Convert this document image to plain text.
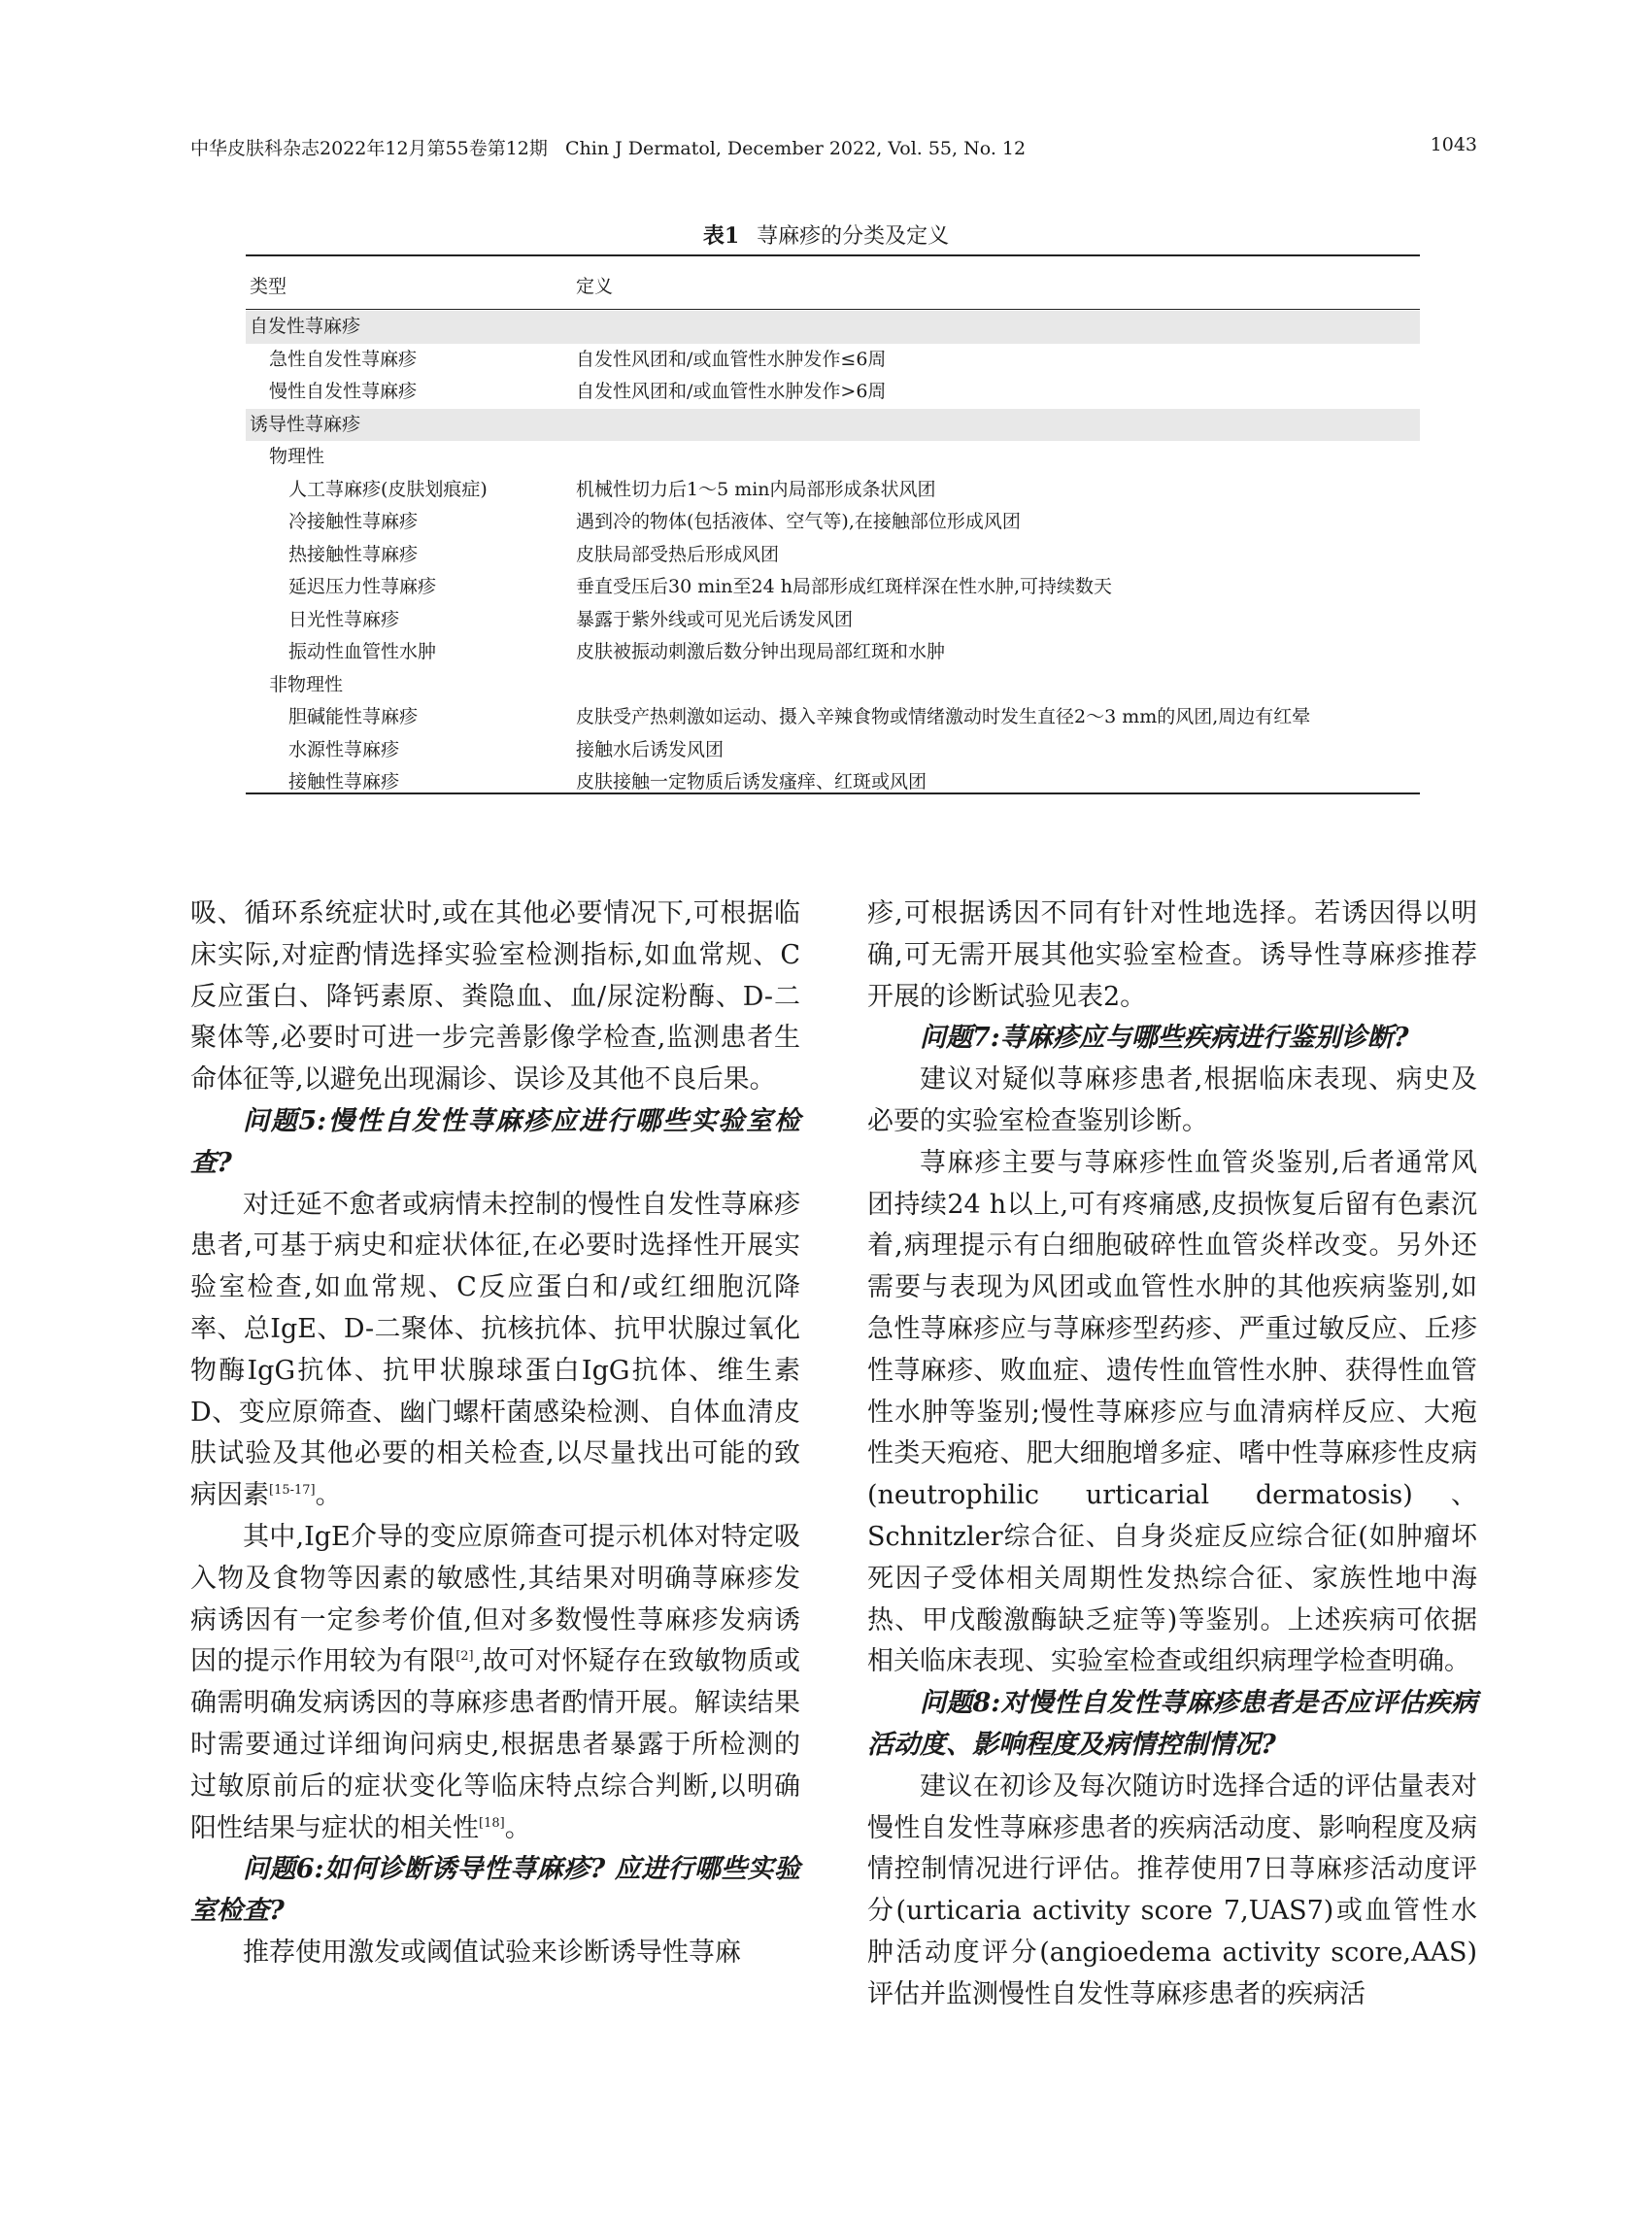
中华皮肤科杂志2022年12月第55卷第12期 Chin J Dermatol, December 2022, Vol. 55, No. 12	1043
表1 荨麻疹的分类及定义
类型	定义
自发性荨麻疹
急性自发性荨麻疹	自发性风团和/或血管性水肿发作≤6周
慢性自发性荨麻疹	自发性风团和/或血管性水肿发作>6周
诱导性荨麻疹
物理性
人工荨麻疹(皮肤划痕症)	机械性切力后1～5 min内局部形成条状风团
冷接触性荨麻疹	遇到冷的物体(包括液体、空气等),在接触部位形成风团
热接触性荨麻疹	皮肤局部受热后形成风团
延迟压力性荨麻疹	垂直受压后30 min至24 h局部形成红斑样深在性水肿,可持续数天
日光性荨麻疹	暴露于紫外线或可见光后诱发风团
振动性血管性水肿	皮肤被振动刺激后数分钟出现局部红斑和水肿
非物理性
胆碱能性荨麻疹	皮肤受产热刺激如运动、摄入辛辣食物或情绪激动时发生直径2～3 mm的风团,周边有红晕
水源性荨麻疹	接触水后诱发风团
接触性荨麻疹	皮肤接触一定物质后诱发瘙痒、红斑或风团

吸、循环系统症状时,或在其他必要情况下,可根据临床实际,对症酌情选择实验室检测指标,如血常规、C反应蛋白、降钙素原、粪隐血、血/尿淀粉酶、D-二聚体等,必要时可进一步完善影像学检查,监测患者生命体征等,以避免出现漏诊、误诊及其他不良后果。

问题5:慢性自发性荨麻疹应进行哪些实验室检查?

对迁延不愈者或病情未控制的慢性自发性荨麻疹患者,可基于病史和症状体征,在必要时选择性开展实验室检查,如血常规、C反应蛋白和/或红细胞沉降率、总IgE、D-二聚体、抗核抗体、抗甲状腺过氧化物酶IgG抗体、抗甲状腺球蛋白IgG抗体、维生素D、变应原筛查、幽门螺杆菌感染检测、自体血清皮肤试验及其他必要的相关检查,以尽量找出可能的致病因素[15-17]。

其中,IgE介导的变应原筛查可提示机体对特定吸入物及食物等因素的敏感性,其结果对明确荨麻疹发病诱因有一定参考价值,但对多数慢性荨麻疹发病诱因的提示作用较为有限[2],故可对怀疑存在致敏物质或确需明确发病诱因的荨麻疹患者酌情开展。解读结果时需要通过详细询问病史,根据患者暴露于所检测的过敏原前后的症状变化等临床特点综合判断,以明确阳性结果与症状的相关性[18]。

问题6:如何诊断诱导性荨麻疹? 应进行哪些实验室检查?

推荐使用激发或阈值试验来诊断诱导性荨麻

疹,可根据诱因不同有针对性地选择。若诱因得以明确,可无需开展其他实验室检查。诱导性荨麻疹推荐开展的诊断试验见表2。

问题7:荨麻疹应与哪些疾病进行鉴别诊断?

建议对疑似荨麻疹患者,根据临床表现、病史及必要的实验室检查鉴别诊断。

荨麻疹主要与荨麻疹性血管炎鉴别,后者通常风团持续24 h以上,可有疼痛感,皮损恢复后留有色素沉着,病理提示有白细胞破碎性血管炎样改变。另外还需要与表现为风团或血管性水肿的其他疾病鉴别,如急性荨麻疹应与荨麻疹型药疹、严重过敏反应、丘疹性荨麻疹、败血症、遗传性血管性水肿、获得性血管性水肿等鉴别;慢性荨麻疹应与血清病样反应、大疱性类天疱疮、肥大细胞增多症、嗜中性荨麻疹性皮病(neutrophilic urticarial dermatosis)、Schnitzler综合征、自身炎症反应综合征(如肿瘤坏死因子受体相关周期性发热综合征、家族性地中海热、甲戊酸激酶缺乏症等)等鉴别。上述疾病可依据相关临床表现、实验室检查或组织病理学检查明确。

问题8:对慢性自发性荨麻疹患者是否应评估疾病活动度、影响程度及病情控制情况?

建议在初诊及每次随访时选择合适的评估量表对慢性自发性荨麻疹患者的疾病活动度、影响程度及病情控制情况进行评估。推荐使用7日荨麻疹活动度评分(urticaria activity score 7,UAS7)或血管性水肿活动度评分(angioedema activity score,AAS)评估并监测慢性自发性荨麻疹患者的疾病活
